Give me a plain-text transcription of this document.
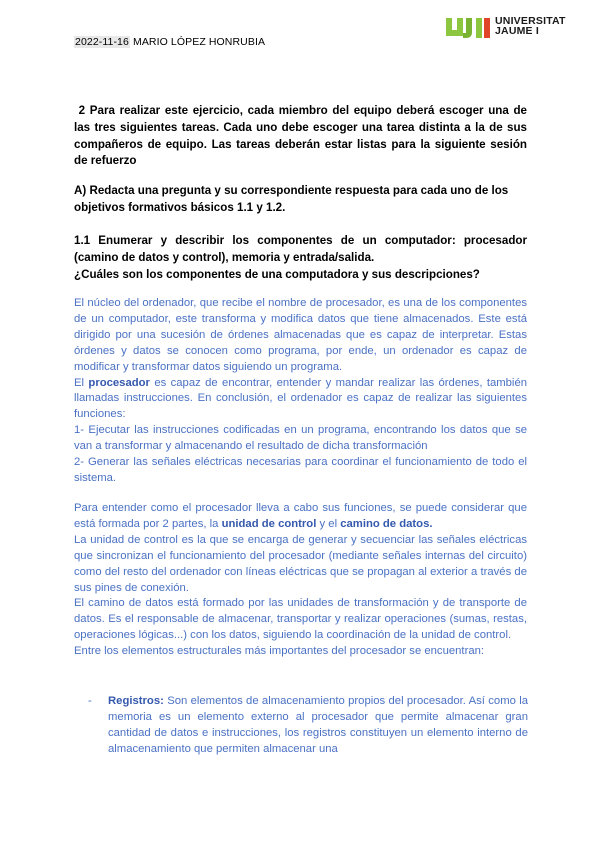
2022-11-16 MARIO LÓPEZ HONRUBIA
UNIVERSITAT
JAUME I
2 Para realizar este ejercicio, cada miembro del equipo deberá escoger una de las tres siguientes tareas. Cada uno debe escoger una tarea distinta a la de sus compañeros de equipo. Las tareas deberán estar listas para la siguiente sesión de refuerzo
A) Redacta una pregunta y su correspondiente respuesta para cada uno de los objetivos formativos básicos 1.1 y 1.2.
1.1 Enumerar y describir los componentes de un computador: procesador (camino de datos y control), memoria y entrada/salida.
¿Cuáles son los componentes de una computadora y sus descripciones?

El núcleo del ordenador, que recibe el nombre de procesador, es una de los componentes de un computador, este transforma y modifica datos que tiene almacenados. Este está dirigido por una sucesión de órdenes almacenadas que es capaz de interpretar. Estas órdenes y datos se conocen como programa, por ende, un ordenador es capaz de modificar y transformar datos siguiendo un programa.

El procesador es capaz de encontrar, entender y mandar realizar las órdenes, también llamadas instrucciones. En conclusión, el ordenador es capaz de realizar las siguientes funciones:

1- Ejecutar las instrucciones codificadas en un programa, encontrando los datos que se van a transformar y almacenando el resultado de dicha transformación

2- Generar las señales eléctricas necesarias para coordinar el funcionamiento de todo el sistema.

Para entender como el procesador lleva a cabo sus funciones, se puede considerar que está formada por 2 partes, la unidad de control y el camino de datos.

La unidad de control es la que se encarga de generar y secuenciar las señales eléctricas que sincronizan el funcionamiento del procesador (mediante señales internas del circuito) como del resto del ordenador con líneas eléctricas que se propagan al exterior a través de sus pines de conexión.

El camino de datos está formado por las unidades de transformación y de transporte de datos. Es el responsable de almacenar, transportar y realizar operaciones (sumas, restas, operaciones lógicas...) con los datos, siguiendo la coordinación de la unidad de control.

Entre los elementos estructurales más importantes del procesador se encuentran:

- Registros: Son elementos de almacenamiento propios del procesador. Así como la memoria es un elemento externo al procesador que permite almacenar gran cantidad de datos e instrucciones, los registros constituyen un elemento interno de almacenamiento que permiten almacenar una
